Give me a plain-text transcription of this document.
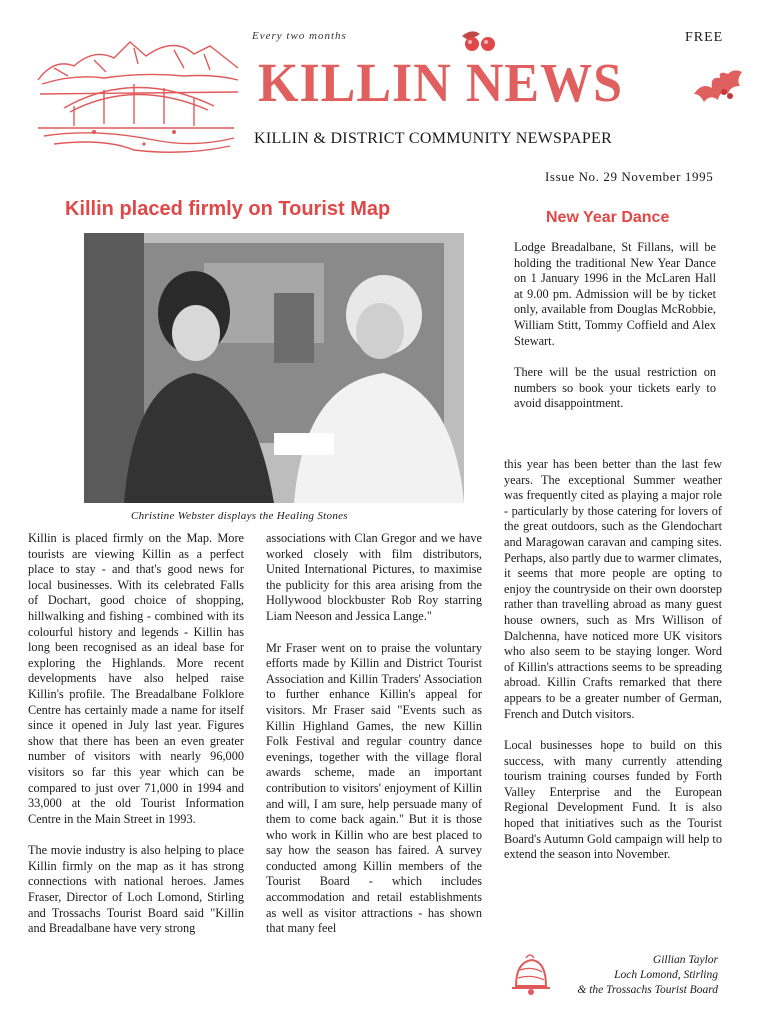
Every two months	FREE
KILLIN NEWS
KILLIN & DISTRICT COMMUNITY NEWSPAPER
Issue No. 29 November 1995
Killin placed firmly on Tourist Map	New Year Dance
Christine Webster displays the Healing Stones

Lodge Breadalbane, St Fillans, will be holding the traditional New Year Dance on 1 January 1996 in the McLaren Hall at 9.00 pm. Admission will be by ticket only, available from Douglas McRobbie, William Stitt, Tommy Coffield and Alex Stewart.

There will be the usual restriction on numbers so book your tickets early to avoid disappointment.

Killin is placed firmly on the Map. More tourists are viewing Killin as a perfect place to stay - and that's good news for local businesses. With its celebrated Falls of Dochart, good choice of shopping, hillwalking and fishing - combined with its colourful history and legends - Killin has long been recognised as an ideal base for exploring the Highlands. More recent developments have also helped raise Killin's profile. The Breadalbane Folklore Centre has certainly made a name for itself since it opened in July last year. Figures show that there has been an even greater number of visitors with nearly 96,000 visitors so far this year which can be compared to just over 71,000 in 1994 and 33,000 at the old Tourist Information Centre in the Main Street in 1993.

The movie industry is also helping to place Killin firmly on the map as it has strong connections with national heroes. James Fraser, Director of Loch Lomond, Stirling and Trossachs Tourist Board said "Killin and Breadalbane have very strong

associations with Clan Gregor and we have worked closely with film distributors, United International Pictures, to maximise the publicity for this area arising from the Hollywood blockbuster Rob Roy starring Liam Neeson and Jessica Lange."

Mr Fraser went on to praise the voluntary efforts made by Killin and District Tourist Association and Killin Traders' Association to further enhance Killin's appeal for visitors. Mr Fraser said "Events such as Killin Highland Games, the new Killin Folk Festival and regular country dance evenings, together with the village floral awards scheme, made an important contribution to visitors' enjoyment of Killin and will, I am sure, help persuade many of them to come back again." But it is those who work in Killin who are best placed to say how the season has faired. A survey conducted among Killin members of the Tourist Board - which includes accommodation and retail establishments as well as visitor attractions - has shown that many feel

this year has been better than the last few years. The exceptional Summer weather was frequently cited as playing a major role - particularly by those catering for lovers of the great outdoors, such as the Glendochart and Maragowan caravan and camping sites. Perhaps, also partly due to warmer climates, it seems that more people are opting to enjoy the countryside on their own doorstep rather than travelling abroad as many guest house owners, such as Mrs Willison of Dalchenna, have noticed more UK visitors who also seem to be staying longer. Word of Killin's attractions seems to be spreading abroad. Killin Crafts remarked that there appears to be a greater number of German, French and Dutch visitors.

Local businesses hope to build on this success, with many currently attending tourism training courses funded by Forth Valley Enterprise and the European Regional Development Fund. It is also hoped that initiatives such as the Tourist Board's Autumn Gold campaign will help to extend the season into November.

Gillian Taylor
Loch Lomond, Stirling
& the Trossachs Tourist Board
